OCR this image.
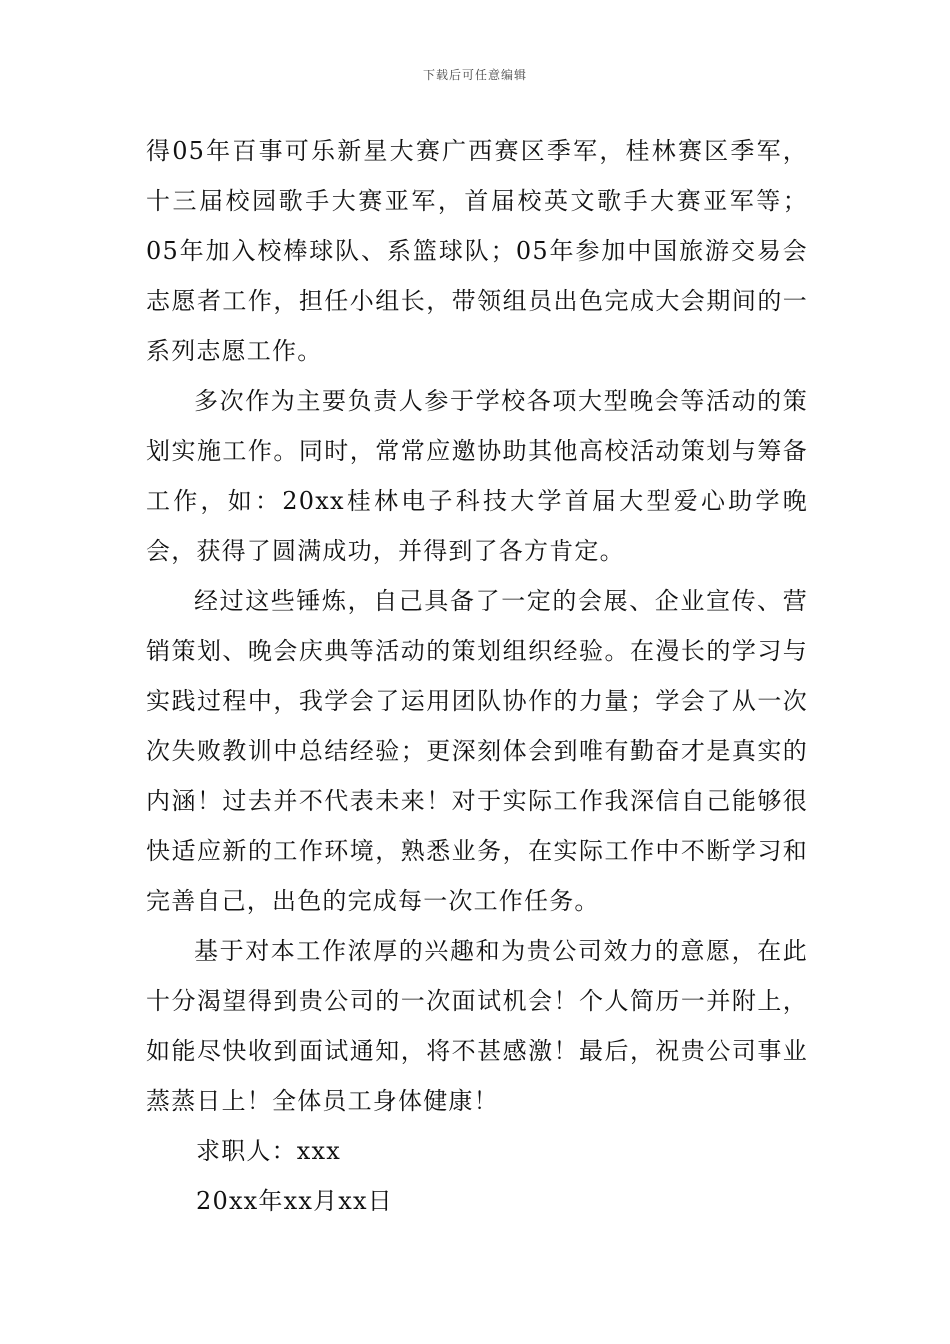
下载后可任意编辑

得05年百事可乐新星大赛广西赛区季军，桂林赛区季军，十三届校园歌手大赛亚军，首届校英文歌手大赛亚军等；05年加入校棒球队、系篮球队；05年参加中国旅游交易会志愿者工作，担任小组长，带领组员出色完成大会期间的一系列志愿工作。

多次作为主要负责人参于学校各项大型晚会等活动的策划实施工作。同时，常常应邀协助其他高校活动策划与筹备工作，如：20xx桂林电子科技大学首届大型爱心助学晚会，获得了圆满成功，并得到了各方肯定。

经过这些锤炼，自己具备了一定的会展、企业宣传、营销策划、晚会庆典等活动的策划组织经验。在漫长的学习与实践过程中，我学会了运用团队协作的力量；学会了从一次次失败教训中总结经验；更深刻体会到唯有勤奋才是真实的内涵！过去并不代表未来！对于实际工作我深信自己能够很快适应新的工作环境，熟悉业务，在实际工作中不断学习和完善自己，出色的完成每一次工作任务。

基于对本工作浓厚的兴趣和为贵公司效力的意愿，在此十分渴望得到贵公司的一次面试机会！个人简历一并附上，如能尽快收到面试通知，将不甚感激！最后，祝贵公司事业蒸蒸日上！全体员工身体健康！

求职人：xxx

20xx年xx月xx日
